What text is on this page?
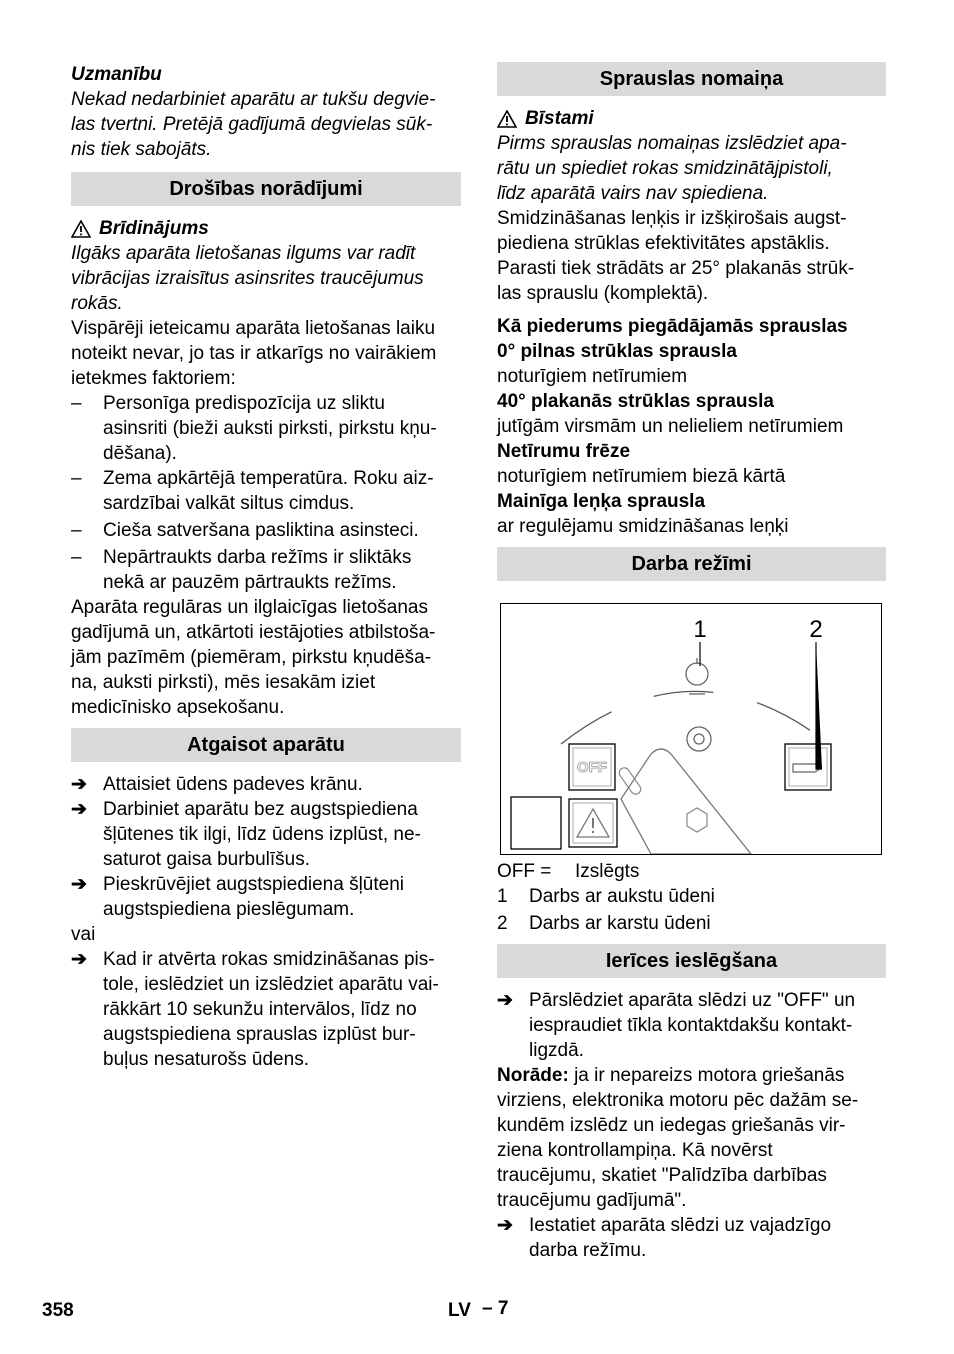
Uzmanību

Nekad nedarbiniet aparātu ar tukšu degvie-

las tvertni. Pretējā gadījumā degvielas sūk-

nis tiek sabojāts.

Drošības norādījumi
Brīdinājums

Ilgāks aparāta lietošanas ilgums var radīt

vibrācijas izraisītus asinsrites traucējumus

rokās.

Vispārēji ieteicamu aparāta lietošanas laiku

noteikt nevar, jo tas ir atkarīgs no vairākiem

ietekmes faktoriem:

– Personīga predispozīcija uz sliktu

asinsriti (bieži auksti pirksti, pirkstu kņu-

dēšana).

– Zema apkārtējā temperatūra. Roku aiz-

sardzībai valkāt siltus cimdus.

– Cieša satveršana pasliktina asinsteci.

– Nepārtraukts darba režīms ir sliktāks

nekā ar pauzēm pārtraukts režīms.

Aparāta regulāras un ilglaicīgas lietošanas

gadījumā un, atkārtoti iestājoties atbilstoša-

jām pazīmēm (piemēram, pirkstu kņudēša-

na, auksti pirksti), mēs iesakām iziet

medicīnisko apsekošanu.

Atgaisot aparātu
➔ Attaisiet ūdens padeves krānu.

➔ Darbiniet aparātu bez augstspiediena

šļūtenes tik ilgi, līdz ūdens izplūst, ne-

saturot gaisa burbulīšus.

➔ Pieskrūvējiet augstspiediena šļūteni

augstspiediena pieslēgumam.

vai

➔ Kad ir atvērta rokas smidzināšanas pis-

tole, ieslēdziet un izslēdziet aparātu vai-

rākkārt 10 sekunžu intervālos, līdz no

augstspiediena sprauslas izplūst bur-

buļus nesaturošs ūdens.

Sprauslas nomaiņa
Bīstami

Pirms sprauslas nomaiņas izslēdziet apa-

rātu un spiediet rokas smidzinātājpistoli,

līdz aparātā vairs nav spiediena.

Smidzināšanas leņķis ir izšķirošais augst-

piediena strūklas efektivitātes apstāklis.

Parasti tiek strādāts ar 25° plakanās strūk-

las sprauslu (komplektā).

Kā piederums piegādājamās sprauslas

0° pilnas strūklas sprausla

noturīgiem netīrumiem

40° plakanās strūklas sprausla

jutīgām virsmām un nelieliem netīrumiem

Netīrumu frēze

noturīgiem netīrumiem biezā kārtā

Mainīga leņķa sprausla

ar regulējamu smidzināšanas leņķi

Darba režīmi
OFF
1	2
OFF =	Izslēgts
1	Darbs ar aukstu ūdeni
2	Darbs ar karstu ūdeni
Ierīces ieslēgšana
➔ Pārslēdziet aparāta slēdzi uz "OFF" un

iespraudiet tīkla kontaktdakšu kontakt-

ligzdā.

Norāde: ja ir nepareizs motora griešanās

virziens, elektronika motoru pēc dažām se-

kundēm izslēdz un iedegas griešanās vir-

ziena kontrollampiņa. Kā novērst

traucējumu, skatiet "Palīdzība darbības

traucējumu gadījumā".

➔ Iestatiet aparāta slēdzi uz vajadzīgo

darba režīmu.

358	LV – 7
